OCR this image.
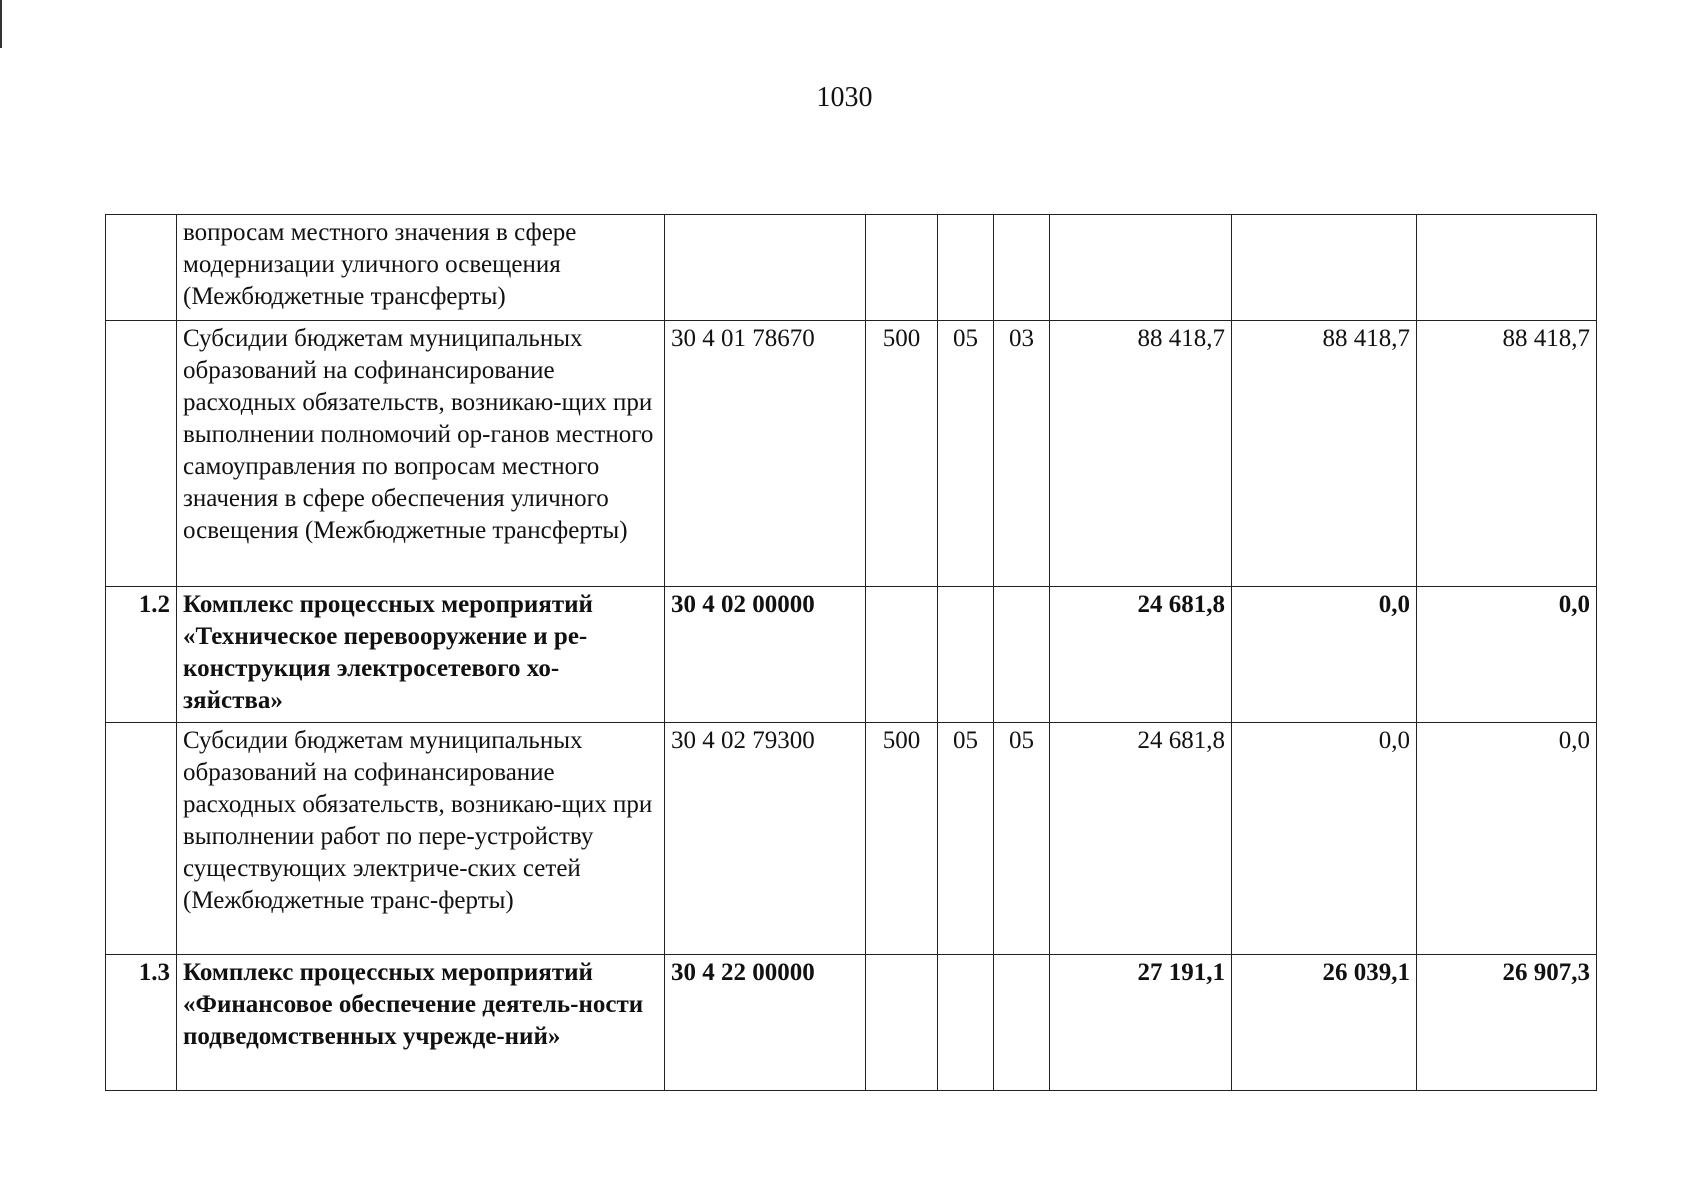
1030
	вопросам местного значения в сфере модернизации уличного освещения (Межбюджетные трансферты)							
	Субсидии бюджетам муниципальных образований на софинансирование расходных обязательств, возникаю-щих при выполнении полномочий ор-ганов местного самоуправления по вопросам местного значения в сфере обеспечения уличного освещения (Межбюджетные трансферты)	30 4 01 78670	500	05	03	88 418,7	88 418,7	88 418,7
1.2	Комплекс процессных мероприятий «Техническое перевооружение и ре-конструкция электросетевого хо-зяйства»	30 4 02 00000				24 681,8	0,0	0,0
	Субсидии бюджетам муниципальных образований на софинансирование расходных обязательств, возникаю-щих при выполнении работ по пере-устройству существующих электриче-ских сетей (Межбюджетные транс-ферты)	30 4 02 79300	500	05	05	24 681,8	0,0	0,0
1.3	Комплекс процессных мероприятий «Финансовое обеспечение деятель-ности подведомственных учрежде-ний»	30 4 22 00000				27 191,1	26 039,1	26 907,3
